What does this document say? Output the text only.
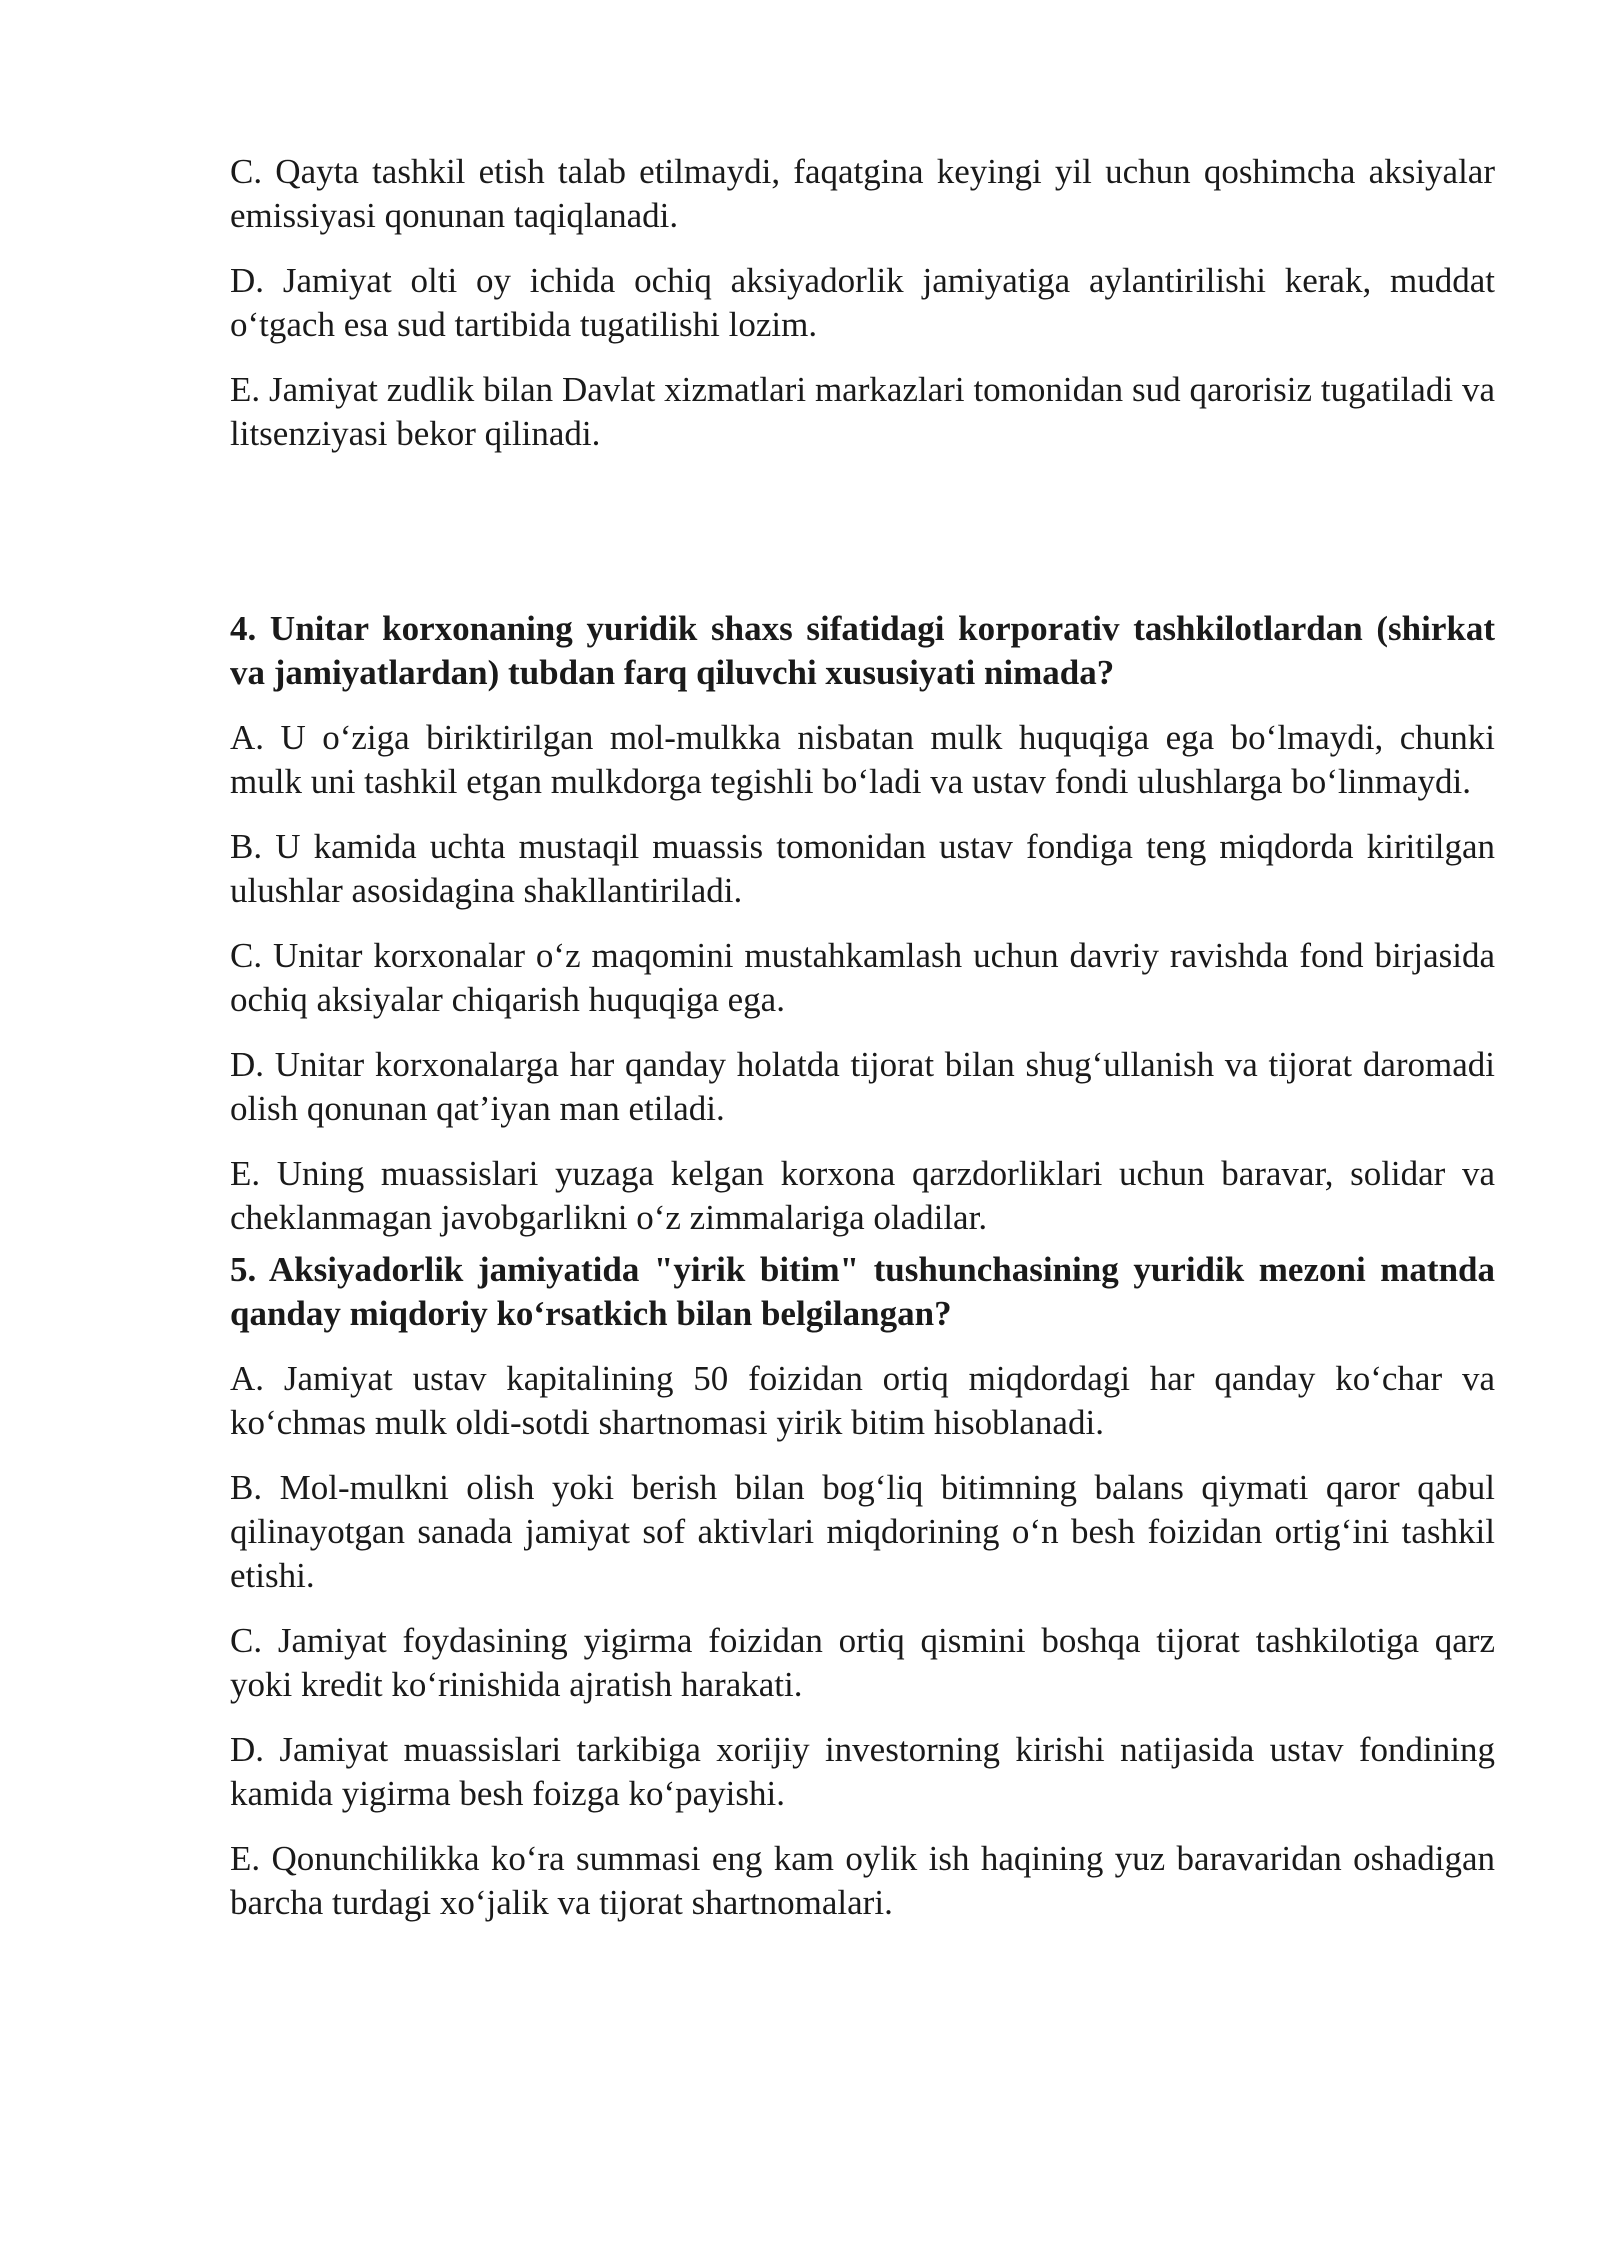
C. Qayta tashkil etish talab etilmaydi, faqatgina keyingi yil uchun qoshimcha aksiyalar emissiyasi qonunan taqiqlanadi.

D. Jamiyat olti oy ichida ochiq aksiyadorlik jamiyatiga aylantirilishi kerak, muddat o‘tgach esa sud tartibida tugatilishi lozim.

E. Jamiyat zudlik bilan Davlat xizmatlari markazlari tomonidan sud qarorisiz tugatiladi va litsenziyasi bekor qilinadi.

4. Unitar korxonaning yuridik shaxs sifatidagi korporativ tashkilotlardan (shirkat va jamiyatlardan) tubdan farq qiluvchi xususiyati nimada?

A. U o‘ziga biriktirilgan mol-mulkka nisbatan mulk huquqiga ega bo‘lmaydi, chunki mulk uni tashkil etgan mulkdorga tegishli bo‘ladi va ustav fondi ulushlarga bo‘linmaydi.

B. U kamida uchta mustaqil muassis tomonidan ustav fondiga teng miqdorda kiritilgan ulushlar asosidagina shakllantiriladi.

C. Unitar korxonalar o‘z maqomini mustahkamlash uchun davriy ravishda fond birjasida ochiq aksiyalar chiqarish huquqiga ega.

D. Unitar korxonalarga har qanday holatda tijorat bilan shug‘ullanish va tijorat daromadi olish qonunan qat’iyan man etiladi.

E. Uning muassislari yuzaga kelgan korxona qarzdorliklari uchun baravar, solidar va cheklanmagan javobgarlikni o‘z zimmalariga oladilar.

5. Aksiyadorlik jamiyatida "yirik bitim" tushunchasining yuridik mezoni matnda qanday miqdoriy ko‘rsatkich bilan belgilangan?

A. Jamiyat ustav kapitalining 50 foizidan ortiq miqdordagi har qanday ko‘char va ko‘chmas mulk oldi-sotdi shartnomasi yirik bitim hisoblanadi.

B. Mol-mulkni olish yoki berish bilan bog‘liq bitimning balans qiymati qaror qabul qilinayotgan sanada jamiyat sof aktivlari miqdorining o‘n besh foizidan ortig‘ini tashkil etishi.

C. Jamiyat foydasining yigirma foizidan ortiq qismini boshqa tijorat tashkilotiga qarz yoki kredit ko‘rinishida ajratish harakati.

D. Jamiyat muassislari tarkibiga xorijiy investorning kirishi natijasida ustav fondining kamida yigirma besh foizga ko‘payishi.

E. Qonunchilikka ko‘ra summasi eng kam oylik ish haqining yuz baravaridan oshadigan barcha turdagi xo‘jalik va tijorat shartnomalari.
